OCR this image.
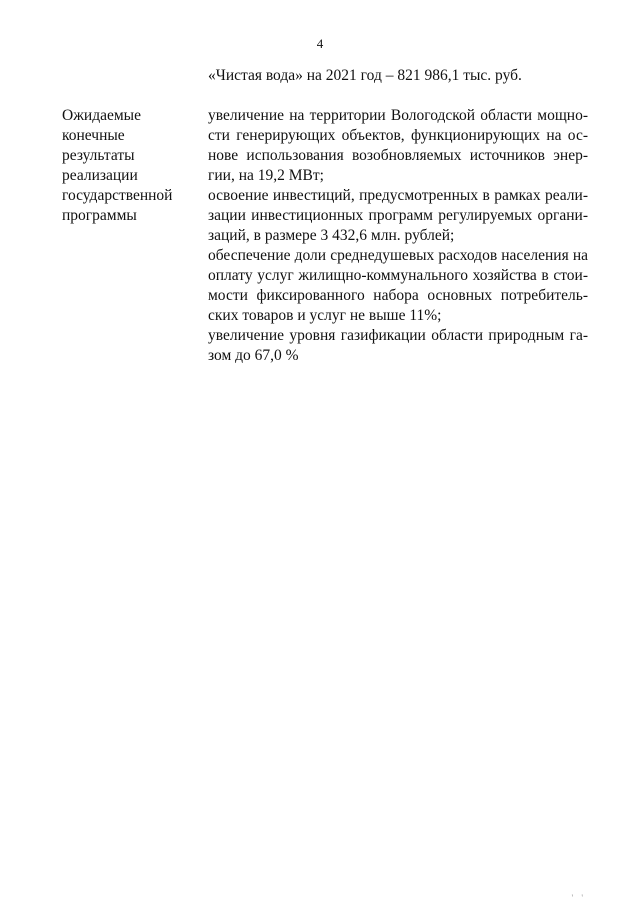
4
«Чистая вода» на 2021 год – 821 986,1 тыс. руб.
Ожидаемые
конечные
результаты
реализации
государственной
программы
увеличение на территории Вологодской области мощно-
сти генерирующих объектов, функционирующих на ос-
нове использования возобновляемых источников энер-
гии, на 19,2 МВт;
освоение инвестиций, предусмотренных в рамках реали-
зации инвестиционных программ регулируемых органи-
заций, в размере 3 432,6 млн. рублей;
обеспечение доли среднедушевых расходов населения на
оплату услуг жилищно-коммунального хозяйства в стои-
мости фиксированного набора основных потребитель-
ских товаров и услуг не выше 11%;
увеличение уровня газификации области природным га-
зом до 67,0 %
' '
